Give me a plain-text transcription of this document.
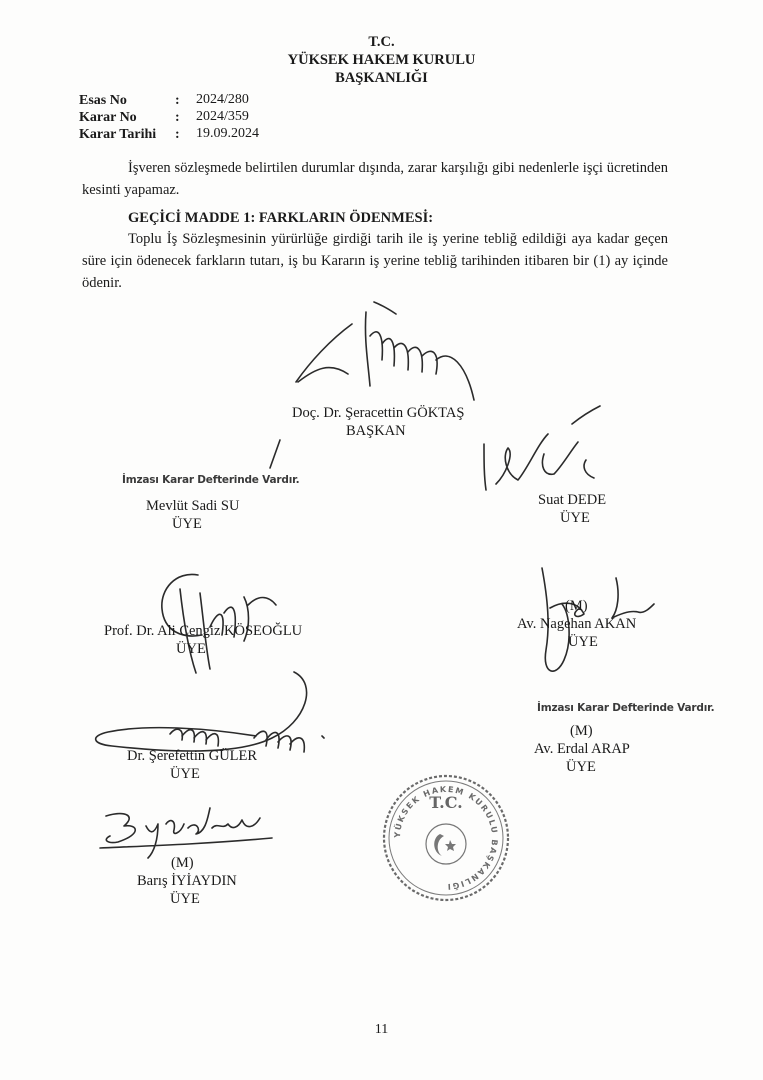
T.C.
YÜKSEK HAKEM KURULU
BAŞKANLIĞI
Esas No	: 2024/280
Karar No	: 2024/359
Karar Tarihi : 19.09.2024
İşveren sözleşmede belirtilen durumlar dışında, zarar karşılığı gibi nedenlerle işçi ücretinden kesinti yapamaz.
GEÇİCİ MADDE 1: FARKLARIN ÖDENMESİ:
Toplu İş Sözleşmesinin yürürlüğe girdiği tarih ile iş yerine tebliğ edildiği aya kadar geçen süre için ödenecek farkların tutarı, iş bu Kararın iş yerine tebliğ tarihinden itibaren bir (1) ay içinde ödenir.
Doç. Dr. Şeracettin GÖKTAŞ
BAŞKAN
İmzası Karar Defterinde Vardır.
Mevlüt Sadi SU
ÜYE
Suat DEDE
ÜYE
Prof. Dr. Ali Cengiz KÖSEOĞLU
ÜYE
(M)
Av. Nagehan AKAN
ÜYE
İmzası Karar Defterinde Vardır.
(M)
Av. Erdal ARAP
ÜYE
Dr. Şerefettin GÜLER
ÜYE
T.C.
YÜKSEK HAKEM KURULU BAŞKANLIĞI
(M)
Barış İYİAYDIN
ÜYE
11
